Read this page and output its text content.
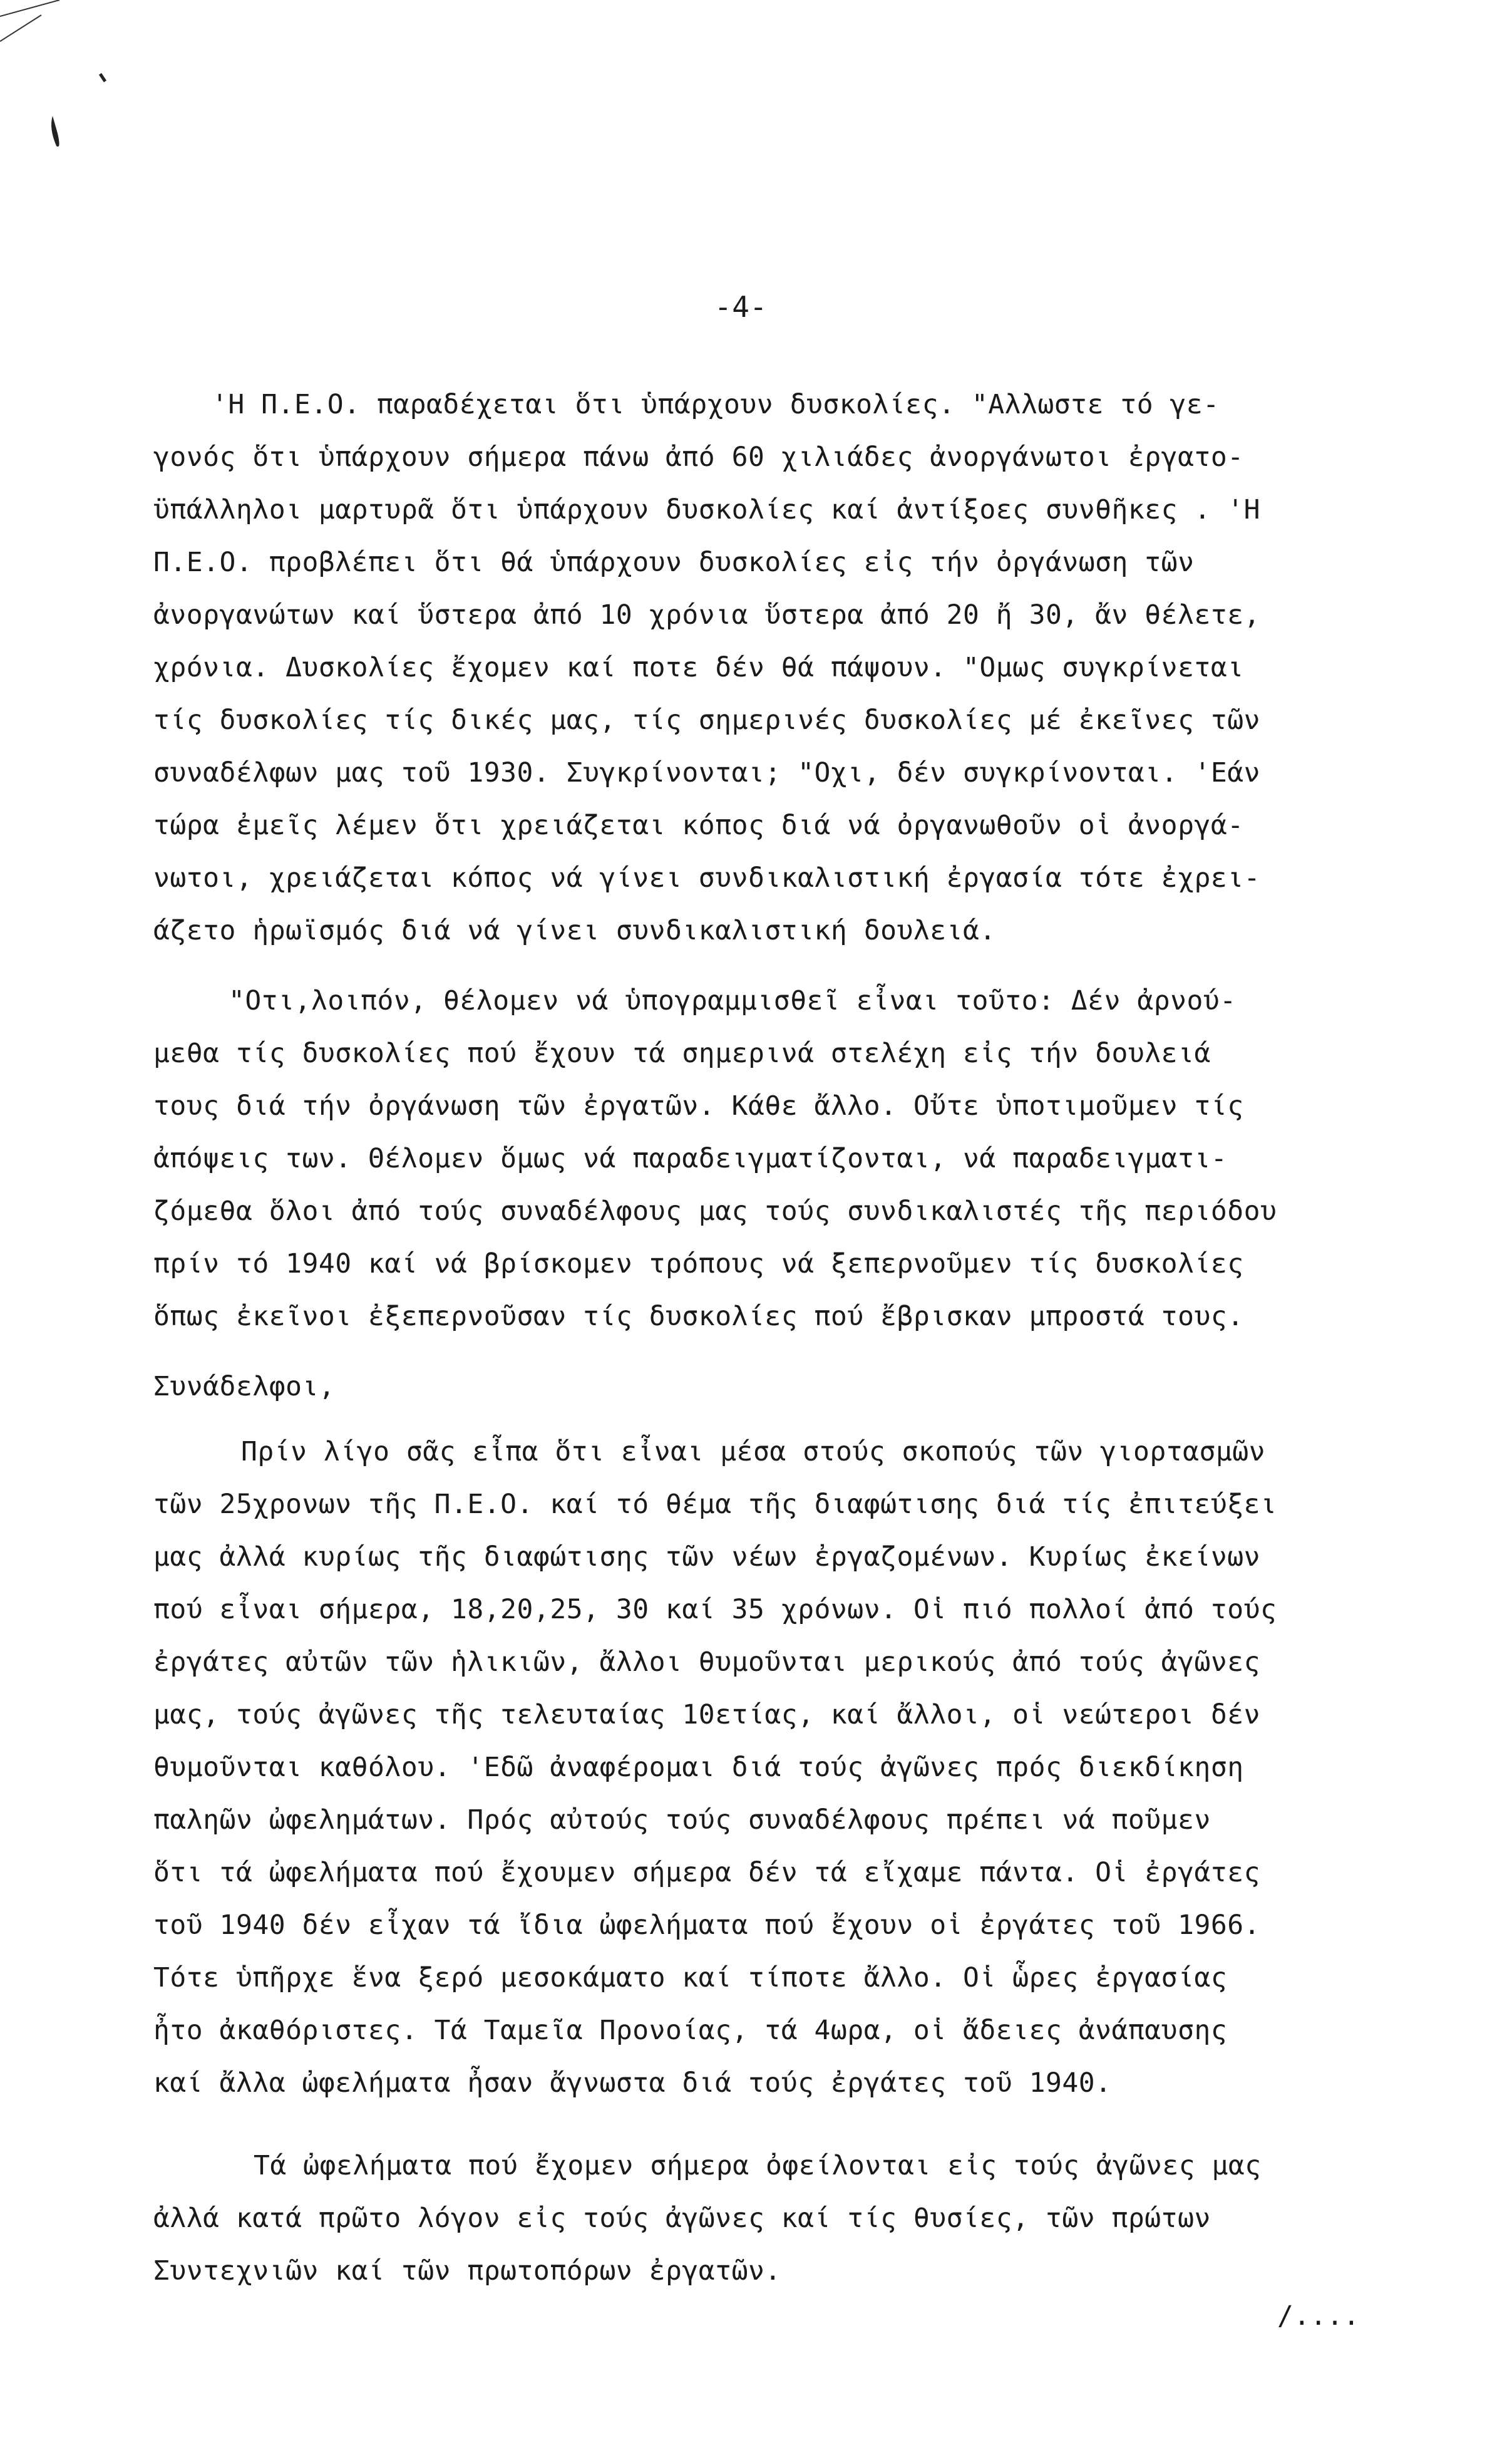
-4-
'Η Π.Ε.Ο. παραδέχεται ὅτι ὑπάρχουν δυσκολίες. "Αλλωστε τό γε-
γονός ὅτι ὑπάρχουν σήμερα πάνω ἀπό 60 χιλιάδες ἀνοργάνωτοι ἐργατο-
ϋπάλληλοι μαρτυρᾶ ὅτι ὑπάρχουν δυσκολίες καί ἀντίξοες συνθῆκες . 'Η
Π.Ε.Ο. προβλέπει ὅτι θά ὑπάρχουν δυσκολίες εἰς τήν ὀργάνωση τῶν
ἀνοργανώτων καί ὕστερα ἀπό 10 χρόνια ὕστερα ἀπό 20 ἤ 30, ἄν θέλετε,
χρόνια. Δυσκολίες ἔχομεν καί ποτε δέν θά πάψουν. "Ομως συγκρίνεται
τίς δυσκολίες τίς δικές μας, τίς σημερινές δυσκολίες μέ ἐκεῖνες τῶν
συναδέλφων μας τοῦ 1930. Συγκρίνονται; "Οχι, δέν συγκρίνονται. 'Εάν
τώρα ἐμεῖς λέμεν ὅτι χρειάζεται κόπος διά νά ὀργανωθοῦν οἱ ἀνοργά-
νωτοι, χρειάζεται κόπος νά γίνει συνδικαλιστική ἐργασία τότε ἐχρει-
άζετο ἡρωϊσμός διά νά γίνει συνδικαλιστική δουλειά.
"Οτι,λοιπόν, θέλομεν νά ὑπογραμμισθεῖ εἶναι τοῦτο: Δέν ἀρνού-
μεθα τίς δυσκολίες πού ἔχουν τά σημερινά στελέχη εἰς τήν δουλειά
τους διά τήν ὀργάνωση τῶν ἐργατῶν. Κάθε ἄλλο. Οὔτε ὑποτιμοῦμεν τίς
ἀπόψεις των. Θέλομεν ὅμως νά παραδειγματίζονται, νά παραδειγματι-
ζόμεθα ὅλοι ἀπό τούς συναδέλφους μας τούς συνδικαλιστές τῆς περιόδου
πρίν τό 1940 καί νά βρίσκομεν τρόπους νά ξεπερνοῦμεν τίς δυσκολίες
ὅπως ἐκεῖνοι ἐξεπερνοῦσαν τίς δυσκολίες πού ἔβρισκαν μπροστά τους.
Συνάδελφοι,
Πρίν λίγο σᾶς εἶπα ὅτι εἶναι μέσα στούς σκοπούς τῶν γιορτασμῶν
τῶν 25χρονων τῆς Π.Ε.Ο. καί τό θέμα τῆς διαφώτισης διά τίς ἐπιτεύξει
μας ἀλλά κυρίως τῆς διαφώτισης τῶν νέων ἐργαζομένων. Κυρίως ἐκείνων
πού εἶναι σήμερα, 18,20,25, 30 καί 35 χρόνων. Οἱ πιό πολλοί ἀπό τούς
ἐργάτες αὐτῶν τῶν ἡλικιῶν, ἄλλοι θυμοῦνται μερικούς ἀπό τούς ἀγῶνες
μας, τούς ἀγῶνες τῆς τελευταίας 10ετίας, καί ἄλλοι, οἱ νεώτεροι δέν
θυμοῦνται καθόλου. 'Εδῶ ἀναφέρομαι διά τούς ἀγῶνες πρός διεκδίκηση
παληῶν ὠφελημάτων. Πρός αὐτούς τούς συναδέλφους πρέπει νά ποῦμεν
ὅτι τά ὠφελήματα πού ἔχουμεν σήμερα δέν τά εἴχαμε πάντα. Οἱ ἐργάτες
τοῦ 1940 δέν εἶχαν τά ἴδια ὠφελήματα πού ἔχουν οἱ ἐργάτες τοῦ 1966.
Τότε ὑπῆρχε ἕνα ξερό μεσοκάματο καί τίποτε ἄλλο. Οἱ ὧρες ἐργασίας
ἦτο ἀκαθόριστες. Τά Ταμεῖα Προνοίας, τά 4ωρα, οἱ ἄδειες ἀνάπαυσης
καί ἄλλα ὠφελήματα ἦσαν ἄγνωστα διά τούς ἐργάτες τοῦ 1940.
Τά ὠφελήματα πού ἔχομεν σήμερα ὀφείλονται εἰς τούς ἀγῶνες μας
ἀλλά κατά πρῶτο λόγον εἰς τούς ἀγῶνες καί τίς θυσίες, τῶν πρώτων
Συντεχνιῶν καί τῶν πρωτοπόρων ἐργατῶν.
/....
